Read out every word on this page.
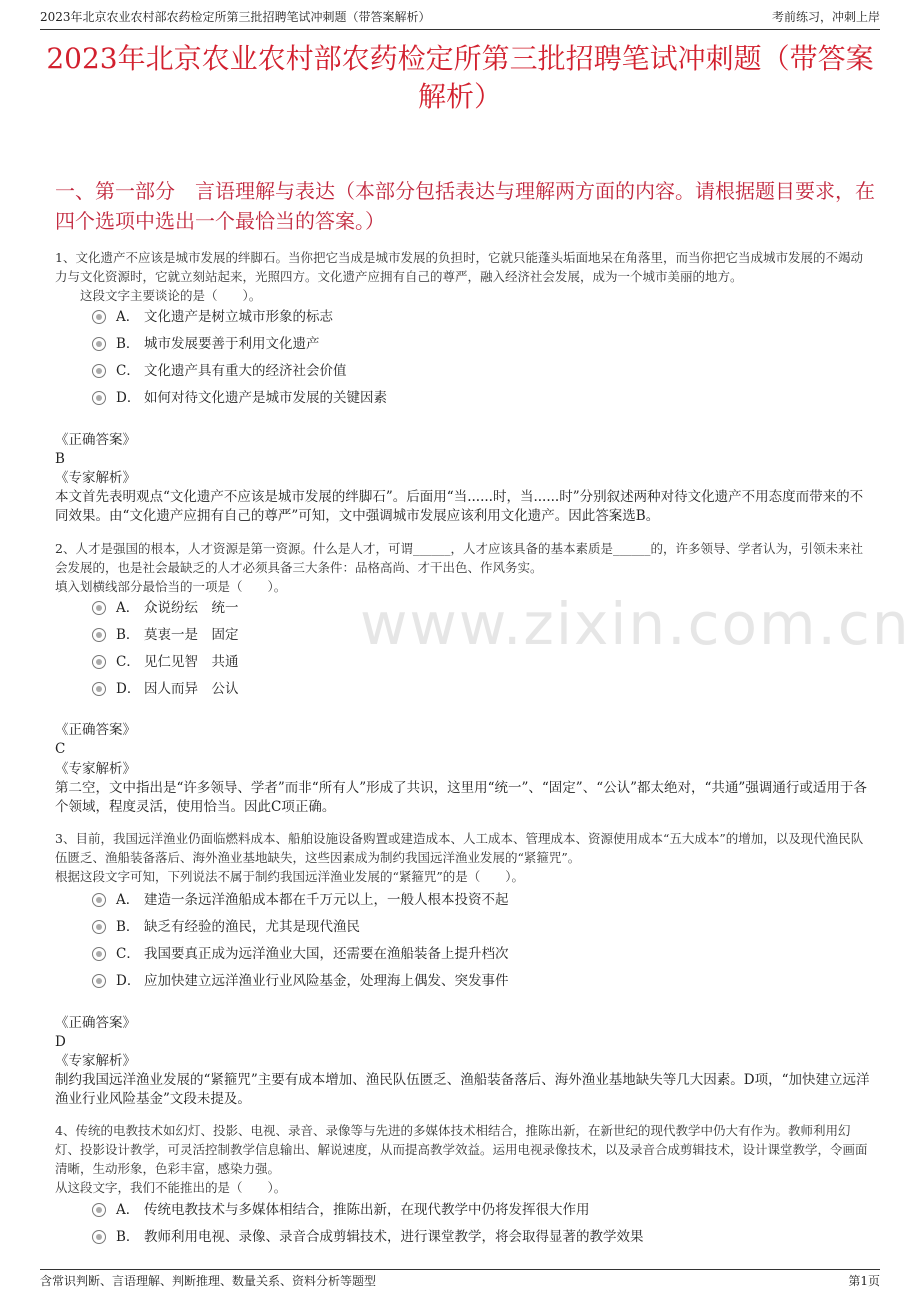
2023年北京农业农村部农药检定所第三批招聘笔试冲刺题（带答案解析）	考前练习，冲刺上岸
2023年北京农业农村部农药检定所第三批招聘笔试冲刺题（带答案解析）
一、第一部分　言语理解与表达（本部分包括表达与理解两方面的内容。请根据题目要求，在四个选项中选出一个最恰当的答案。）
www.zixin.com.cn

1、文化遗产不应该是城市发展的绊脚石。当你把它当成是城市发展的负担时，它就只能蓬头垢面地呆在角落里，而当你把它当成城市发展的不竭动力与文化资源时，它就立刻站起来，光照四方。文化遗产应拥有自己的尊严，融入经济社会发展，成为一个城市美丽的地方。

　　这段文字主要谈论的是（　　）。

A． 文化遗产是树立城市形象的标志
B． 城市发展要善于利用文化遗产
C． 文化遗产具有重大的经济社会价值
D． 如何对待文化遗产是城市发展的关键因素

《正确答案》

B

《专家解析》

本文首先表明观点“文化遗产不应该是城市发展的绊脚石”。后面用“当......时，当......时”分别叙述两种对待文化遗产不用态度而带来的不同效果。由“文化遗产应拥有自己的尊严”可知，文中强调城市发展应该利用文化遗产。因此答案选B。

2、人才是强国的根本，人才资源是第一资源。什么是人才，可谓______，人才应该具备的基本素质是______的，许多领导、学者认为，引领未来社会发展的，也是社会最缺乏的人才必须具备三大条件：品格高尚、才干出色、作风务实。

填入划横线部分最恰当的一项是（　　）。

A． 众说纷纭　统一
B． 莫衷一是　固定
C． 见仁见智　共通
D． 因人而异　公认

《正确答案》

C

《专家解析》

第二空，文中指出是“许多领导、学者”而非“所有人”形成了共识，这里用“统一”、“固定”、“公认”都太绝对，“共通”强调通行或适用于各个领域，程度灵活，使用恰当。因此C项正确。

3、目前，我国远洋渔业仍面临燃料成本、船舶设施设备购置或建造成本、人工成本、管理成本、资源使用成本“五大成本”的增加，以及现代渔民队伍匮乏、渔船装备落后、海外渔业基地缺失，这些因素成为制约我国远洋渔业发展的“紧箍咒”。

根据这段文字可知，下列说法不属于制约我国远洋渔业发展的“紧箍咒”的是（　　）。

A． 建造一条远洋渔船成本都在千万元以上，一般人根本投资不起
B． 缺乏有经验的渔民，尤其是现代渔民
C． 我国要真正成为远洋渔业大国，还需要在渔船装备上提升档次
D． 应加快建立远洋渔业行业风险基金，处理海上偶发、突发事件

《正确答案》

D

《专家解析》

制约我国远洋渔业发展的“紧箍咒”主要有成本增加、渔民队伍匮乏、渔船装备落后、海外渔业基地缺失等几大因素。D项，“加快建立远洋渔业行业风险基金”文段未提及。

4、传统的电教技术如幻灯、投影、电视、录音、录像等与先进的多媒体技术相结合，推陈出新，在新世纪的现代教学中仍大有作为。教师利用幻灯、投影设计教学，可灵活控制教学信息输出、解说速度，从而提高教学效益。运用电视录像技术，以及录音合成剪辑技术，设计课堂教学，令画面清晰，生动形象，色彩丰富，感染力强。

从这段文字，我们不能推出的是（　　）。

A． 传统电教技术与多媒体相结合，推陈出新，在现代教学中仍将发挥很大作用
B． 教师利用电视、录像、录音合成剪辑技术，进行课堂教学，将会取得显著的教学效果
含常识判断、言语理解、判断推理、数量关系、资料分析等题型	第1页
